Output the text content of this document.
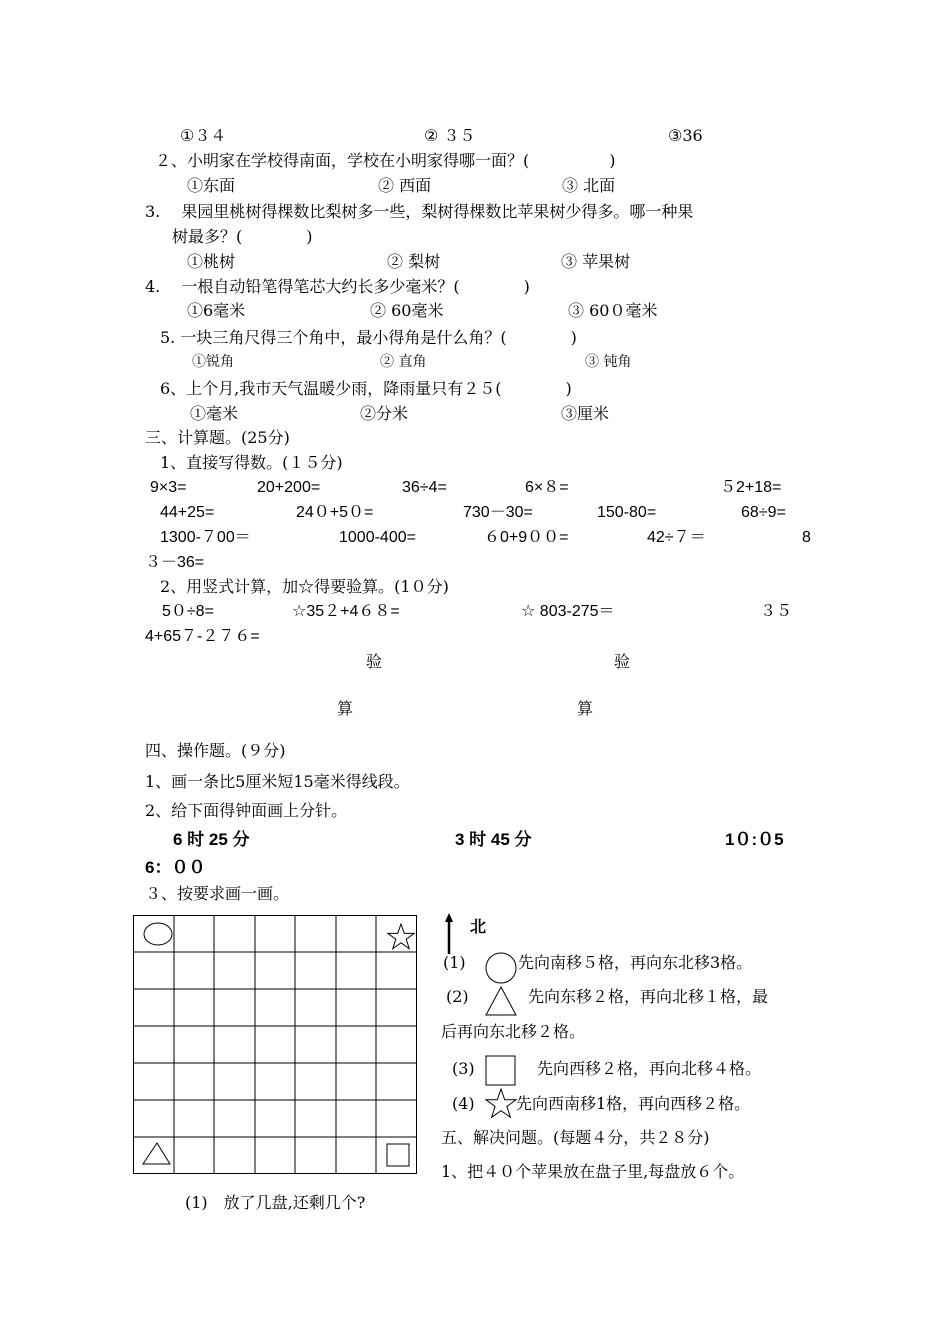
①３４	② ３５	③36
２、小明家在学校得南面，学校在小明家得哪一面？(　　　　　)
①东面	② 西面	③ 北面
3.　 果园里桃树得棵数比梨树多一些，梨树得棵数比苹果树少得多。哪一种果
树最多？(　　　　)
①桃树	② 梨树	③ 苹果树
4.　 一根自动铅笔得笔芯大约长多少毫米？(　　　　)
①6毫米	② 60毫米	③ 60０毫米
5. 一块三角尺得三个角中，最小得角是什么角？(　　　　)
①锐角	② 直角	③ 钝角
6、上个月,我市天气温暖少雨，降雨量只有２５(　　　　)
①毫米	②分米	③厘米
三、计算题。(25分)
1、直接写得数。(１５分)
9×3=	20+200=	36÷4=	6×８=	５2+18=
44+25=	24０+5０=	730－30=	150-80=	68÷9=
1300-７00＝	1000-400=	６0+9００=	42÷７＝	8
３－36=
2、用竖式计算，加☆得要验算。(1０分)
5０÷8=	☆35２+4６８=	☆ 803-275＝	３５
4+65７-２７６=
验	验
算	算
四、操作题。(９分)
1、画一条比5厘米短15毫米得线段。
2、给下面得钟面画上分针。
6 时 25 分	3 时 45 分	1０:０5
6：００
３、按要求画一画。
北
(1)	先向南移５格，再向东北移3格。
(2)	先向东移２格，再向北移１格，最
后再向东北移２格。
(3)	先向西移２格，再向北移４格。
(4)	先向西南移1格，再向西移２格。
五、解决问题。(每题４分，共２８分)
1、把４０个苹果放在盘子里,每盘放６个。
(1)　放了几盘,还剩几个?
